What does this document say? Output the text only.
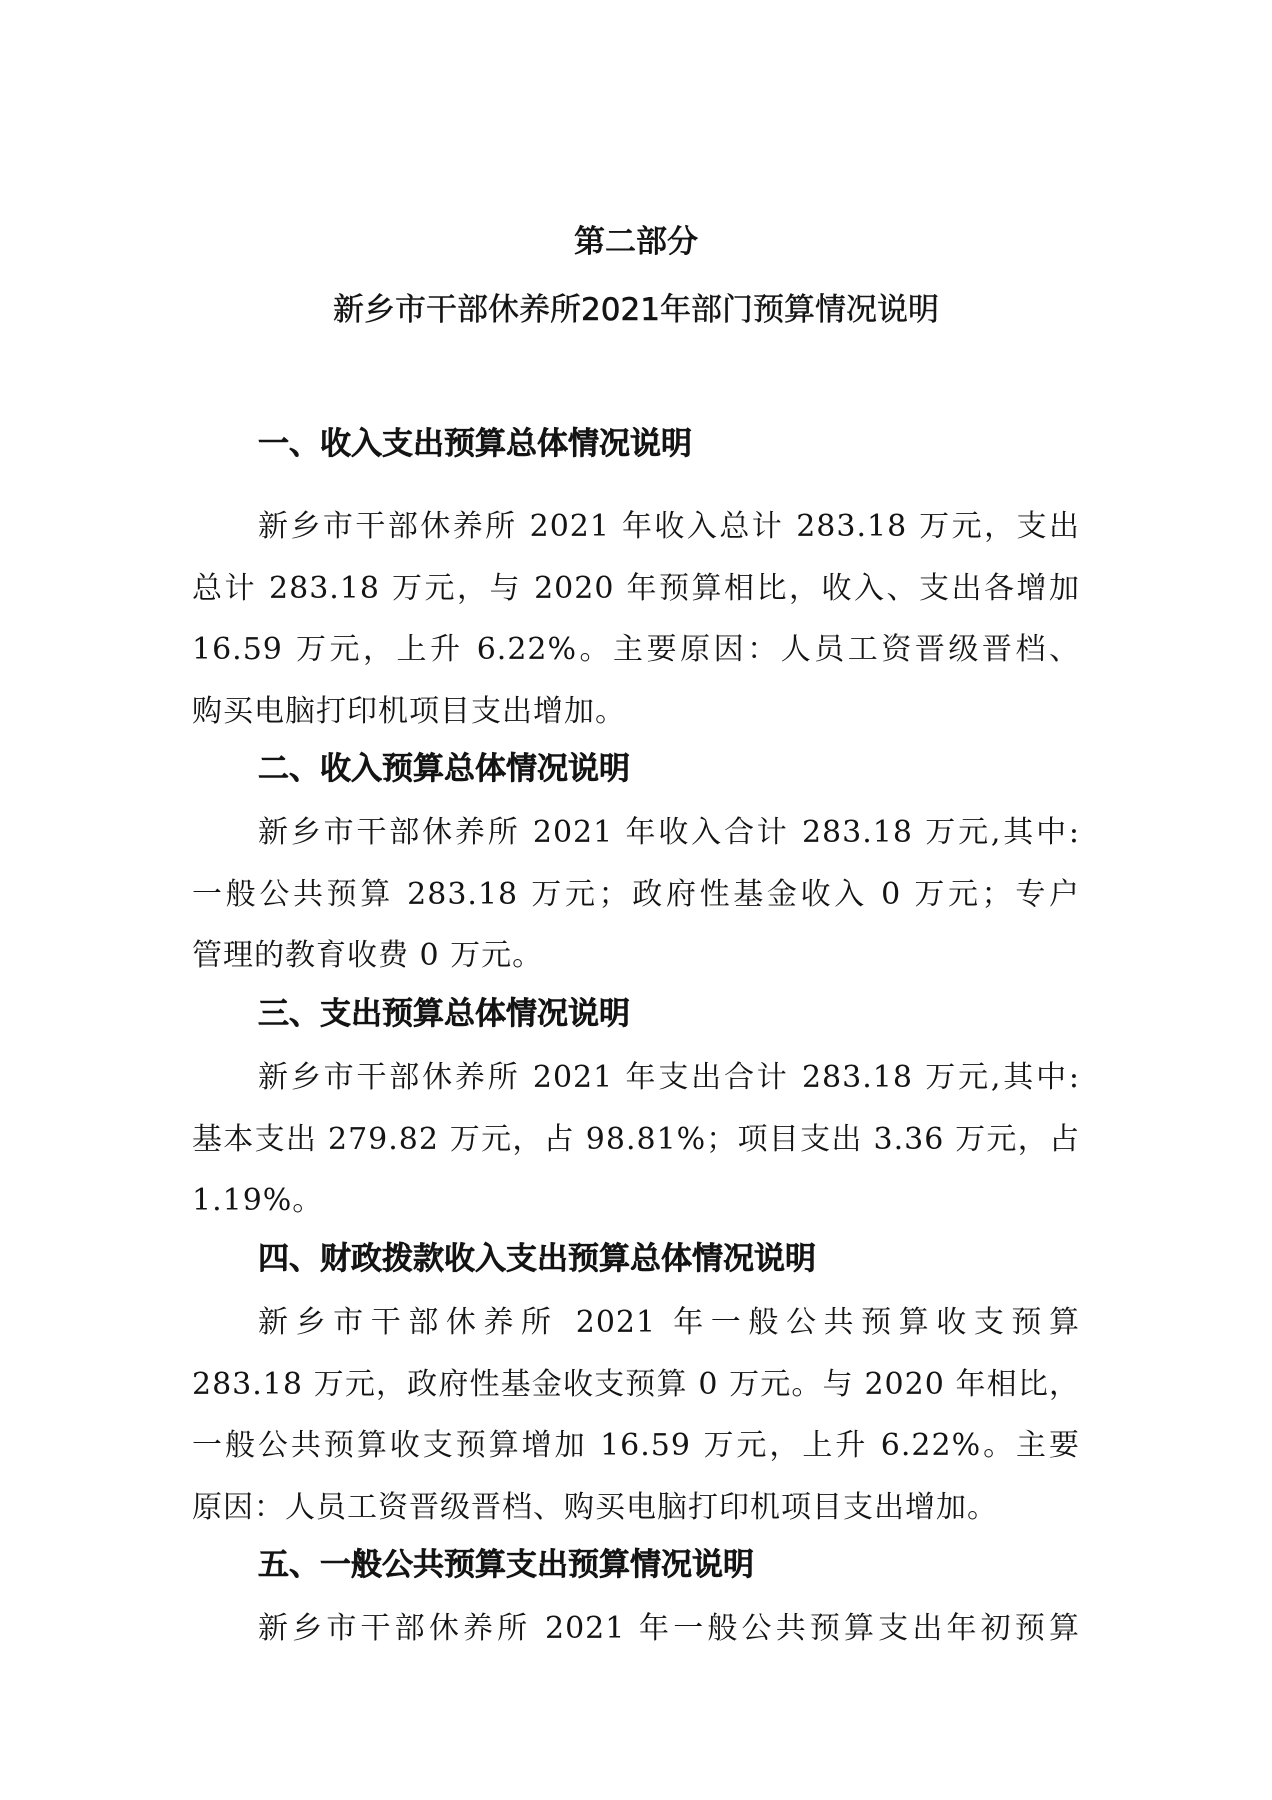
第二部分
新乡市干部休养所2021年部门预算情况说明
一、收入支出预算总体情况说明
新乡市干部休养所 2021 年收入总计 283.18 万元，支出
总计 283.18 万元，与 2020 年预算相比，收入、支出各增加
16.59 万元，上升 6.22%。主要原因：人员工资晋级晋档、
购买电脑打印机项目支出增加。
二、收入预算总体情况说明
新乡市干部休养所 2021 年收入合计 283.18 万元,其中:
一般公共预算 283.18 万元；政府性基金收入 0 万元；专户
管理的教育收费 0 万元。
三、支出预算总体情况说明
新乡市干部休养所 2021 年支出合计 283.18 万元,其中:
基本支出 279.82 万元，占 98.81%；项目支出 3.36 万元，占
1.19%。
四、财政拨款收入支出预算总体情况说明
新乡市干部休养所 2021 年一般公共预算收支预算
283.18 万元，政府性基金收支预算 0 万元。与 2020 年相比，
一般公共预算收支预算增加 16.59 万元，上升 6.22%。主要
原因：人员工资晋级晋档、购买电脑打印机项目支出增加。
五、一般公共预算支出预算情况说明
新乡市干部休养所 2021 年一般公共预算支出年初预算
